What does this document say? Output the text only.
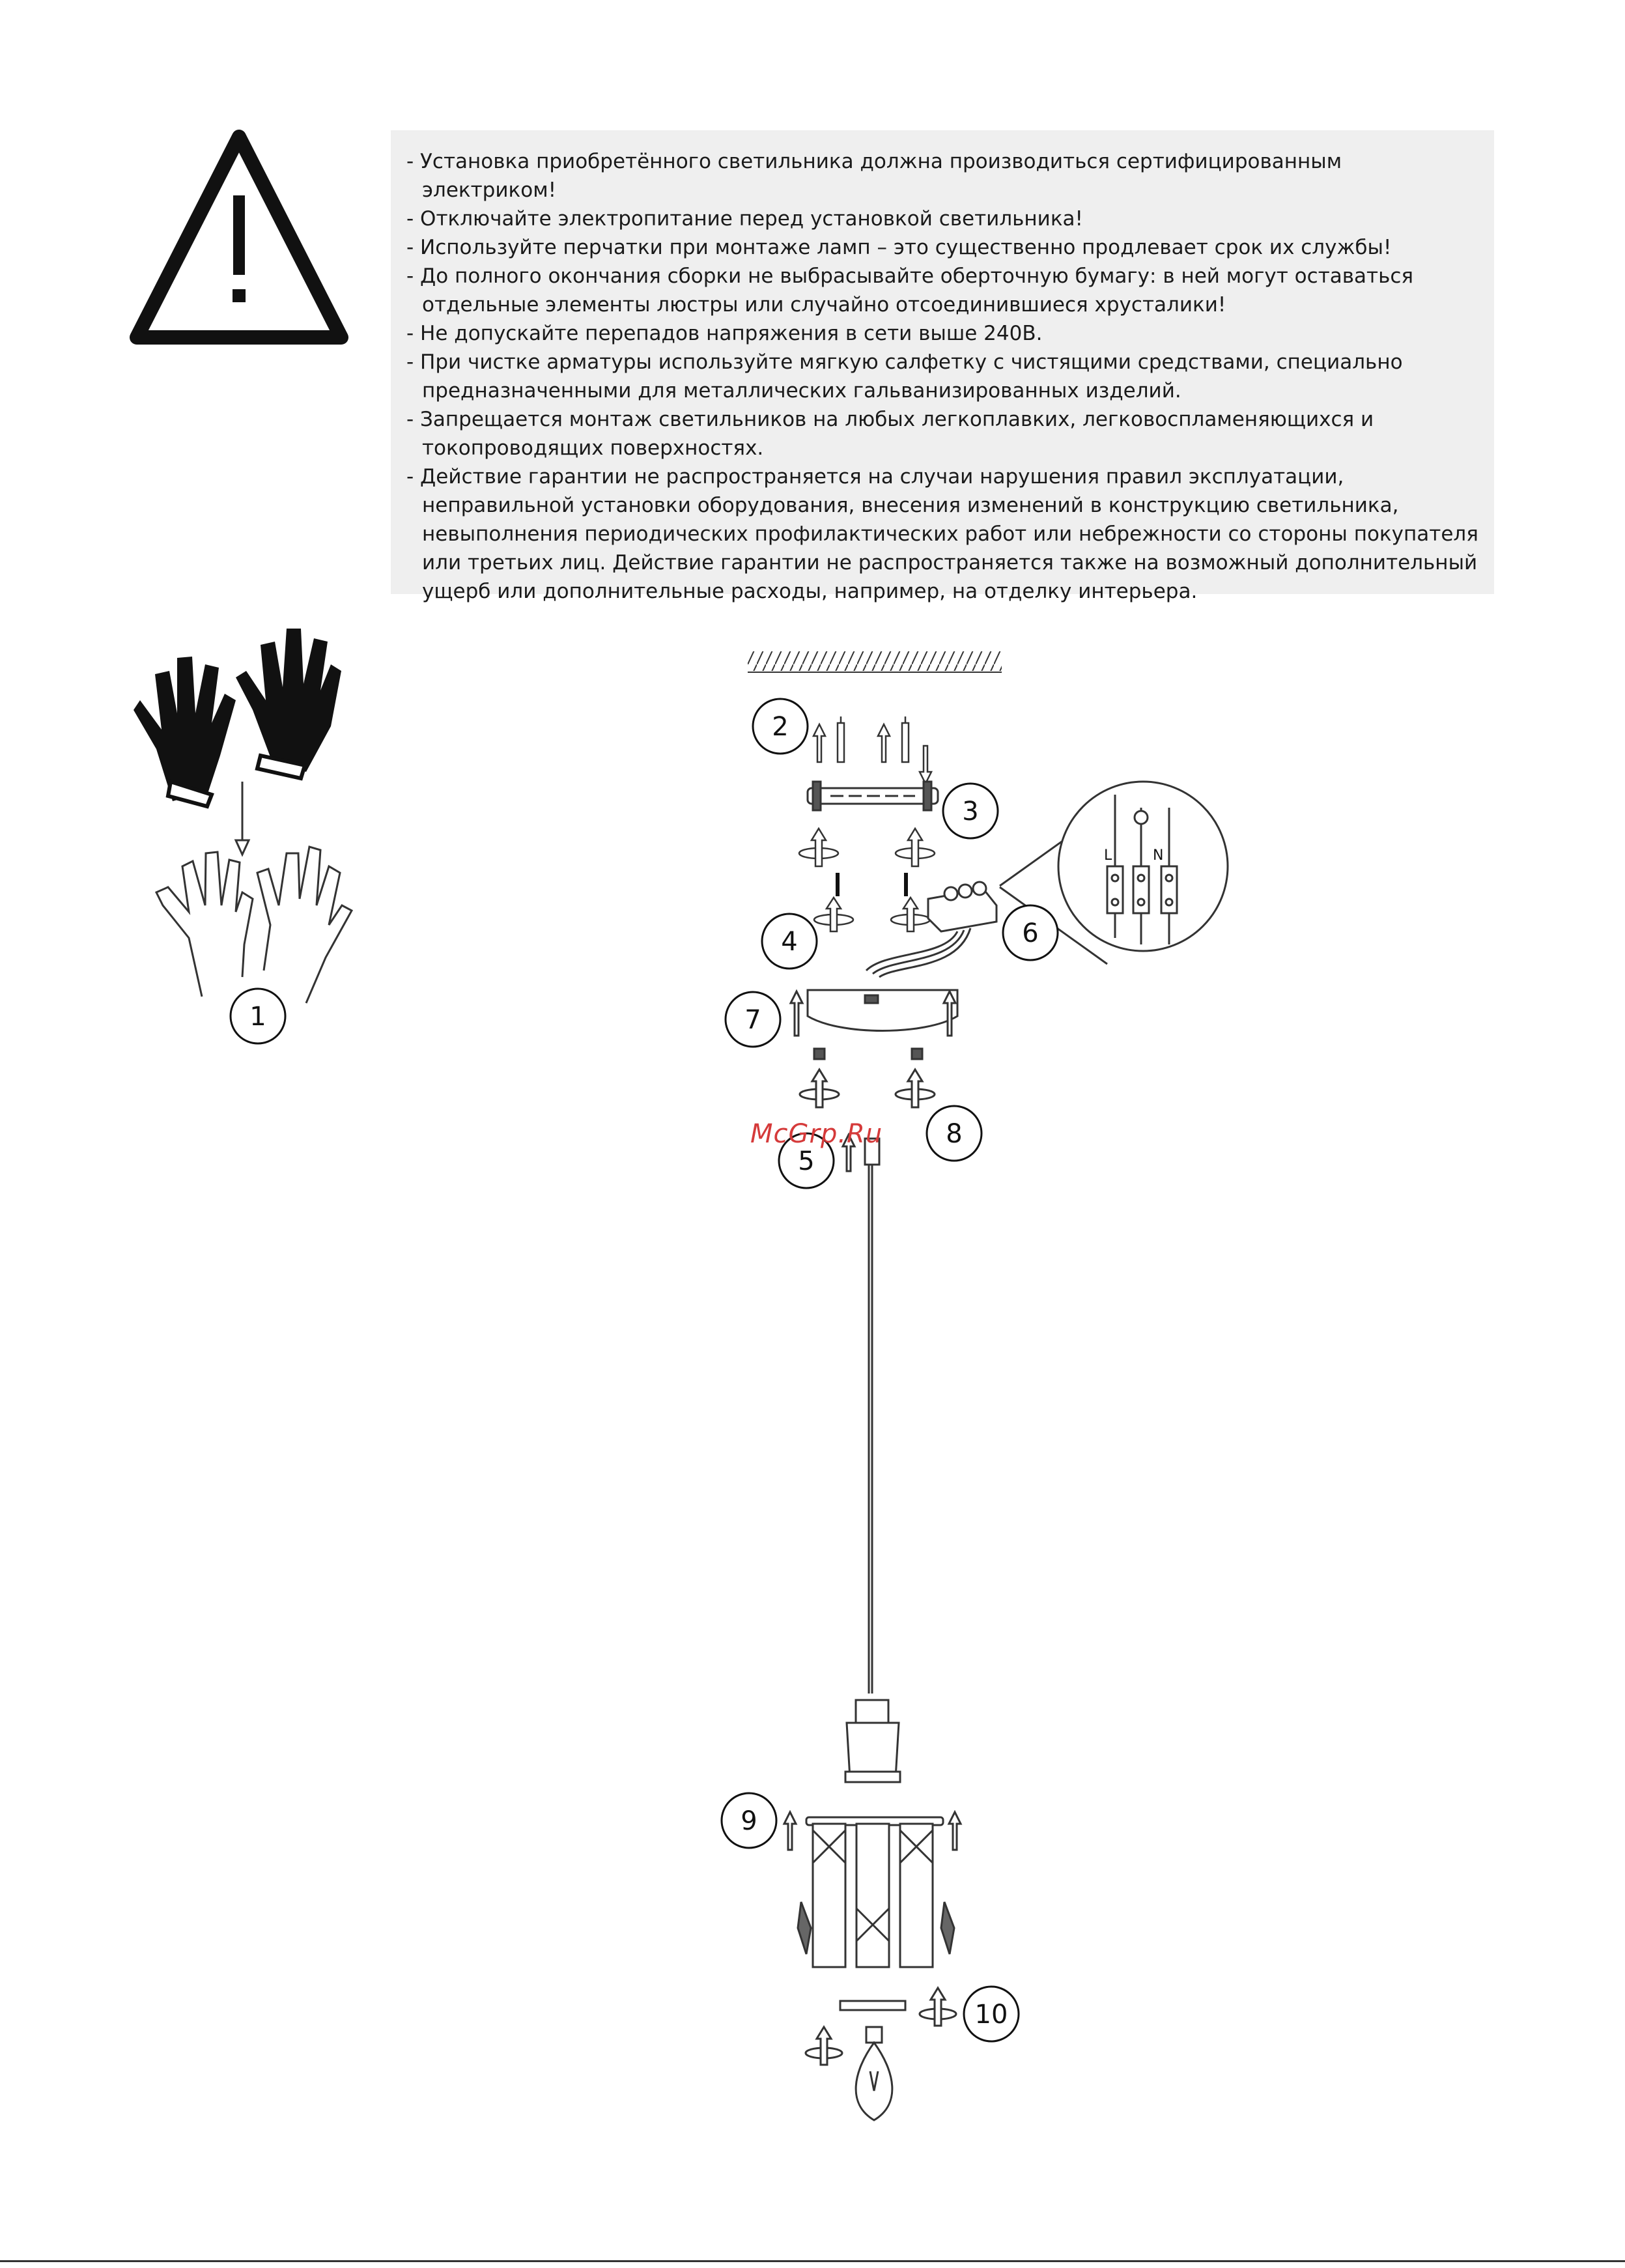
- Установка приобретённого светильника должна производиться сертифицированным электриком!
- Отключайте электропитание перед установкой светильника!
- Используйте перчатки при монтаже ламп – это существенно продлевает срок их службы!
- До полного окончания сборки не выбрасывайте оберточную бумагу: в ней могут оставаться
отдельные элементы люстры или случайно отсоединившиеся хрусталики!
- Не допускайте перепадов напряжения в сети выше 240В.
- При чистке арматуры используйте мягкую салфетку с чистящими средствами, специально
предназначенными для металлических гальванизированных изделий.
- Запрещается монтаж светильников на любых легкоплавких, легковоспламеняющихся и
токопроводящих поверхностях.
- Действие гарантии не распространяется на случаи нарушения правил эксплуатации,
неправильной установки оборудования, внесения изменений в конструкцию светильника,
невыполнения периодических профилактических работ или небрежности со стороны покупателя
или третьих лиц. Действие гарантии не распространяется также на возможный дополнительный
ущерб или дополнительные расходы, например, на отделку интерьера.
L	N
1
2
3
4
5
6
7
8
9
10
McGrp.Ru
